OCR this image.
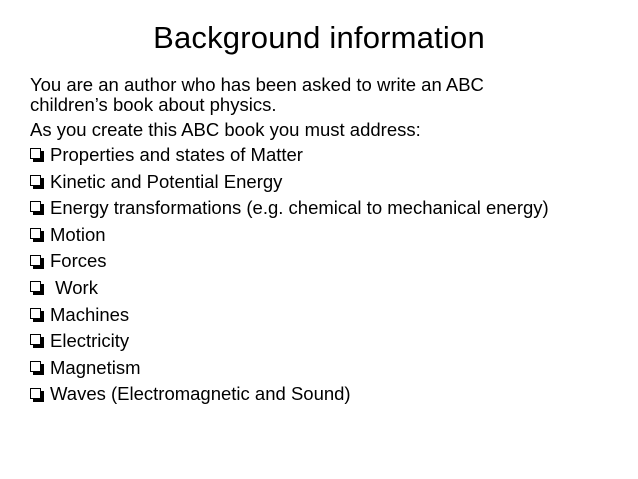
Background information

You are an author who has been asked to write an ABC
children’s book about physics.

As you create this ABC book you must address:

Properties and states of Matter
Kinetic and Potential Energy
Energy transformations (e.g. chemical to mechanical energy)
Motion
Forces
Work
Machines
Electricity
Magnetism
Waves (Electromagnetic and Sound)
